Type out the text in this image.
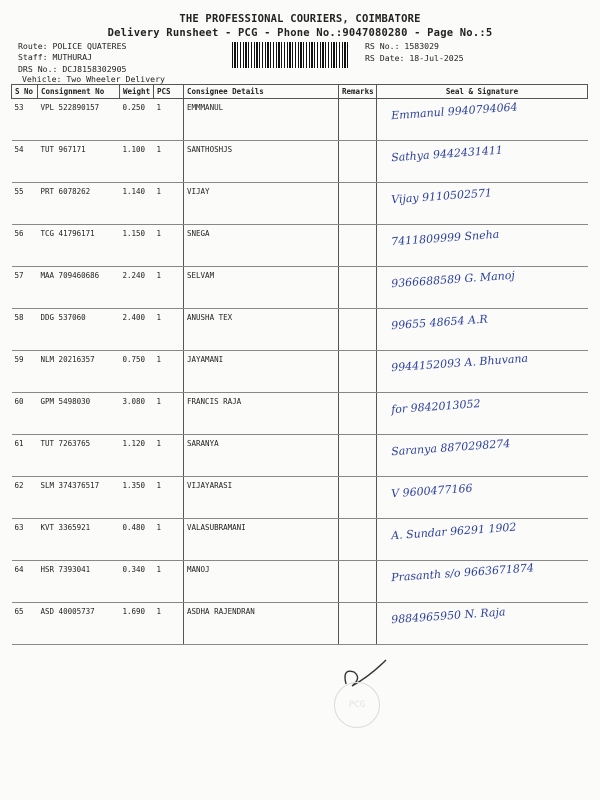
THE PROFESSIONAL COURIERS, COIMBATORE
Delivery Runsheet - PCG - Phone No.:9047080280 - Page No.:5
Route: POLICE QUATERES
Staff: MUTHURAJ
DRS No.: DCJ8158302905
Vehicle: Two Wheeler Delivery
RS No.: 1583029
RS Date: 18-Jul-2025
S No	Consignment No	Weight	PCS	Consignee Details	Remarks	Seal & Signature
53	VPL 522890157	0.250	1	EMMMANUL		Emmanul 9940794064

54	TUT 967171	1.100	1	SANTHOSHJS		Sathya 9442431411

55	PRT 6078262	1.140	1	VIJAY		Vijay 9110502571

56	TCG 41796171	1.150	1	SNEGA		7411809999 Sneha

57	MAA 709460686	2.240	1	SELVAM		9366688589 G. Manoj

58	DDG 537060	2.400	1	ANUSHA TEX		99655 48654 A.R

59	NLM 20216357	0.750	1	JAYAMANI		9944152093 A. Bhuvana

60	GPM 5498030	3.080	1	FRANCIS RAJA		for 9842013052

61	TUT 7263765	1.120	1	SARANYA		Saranya 8870298274

62	SLM 374376517	1.350	1	VIJAYARASI		V 9600477166

63	KVT 3365921	0.480	1	VALASUBRAMANI		A. Sundar 96291 1902

64	HSR 7393041	0.340	1	MANOJ		Prasanth s/o 9663671874

65	ASD 40005737	1.690	1	ASDHA RAJENDRAN		9884965950 N. Raja
PCG
